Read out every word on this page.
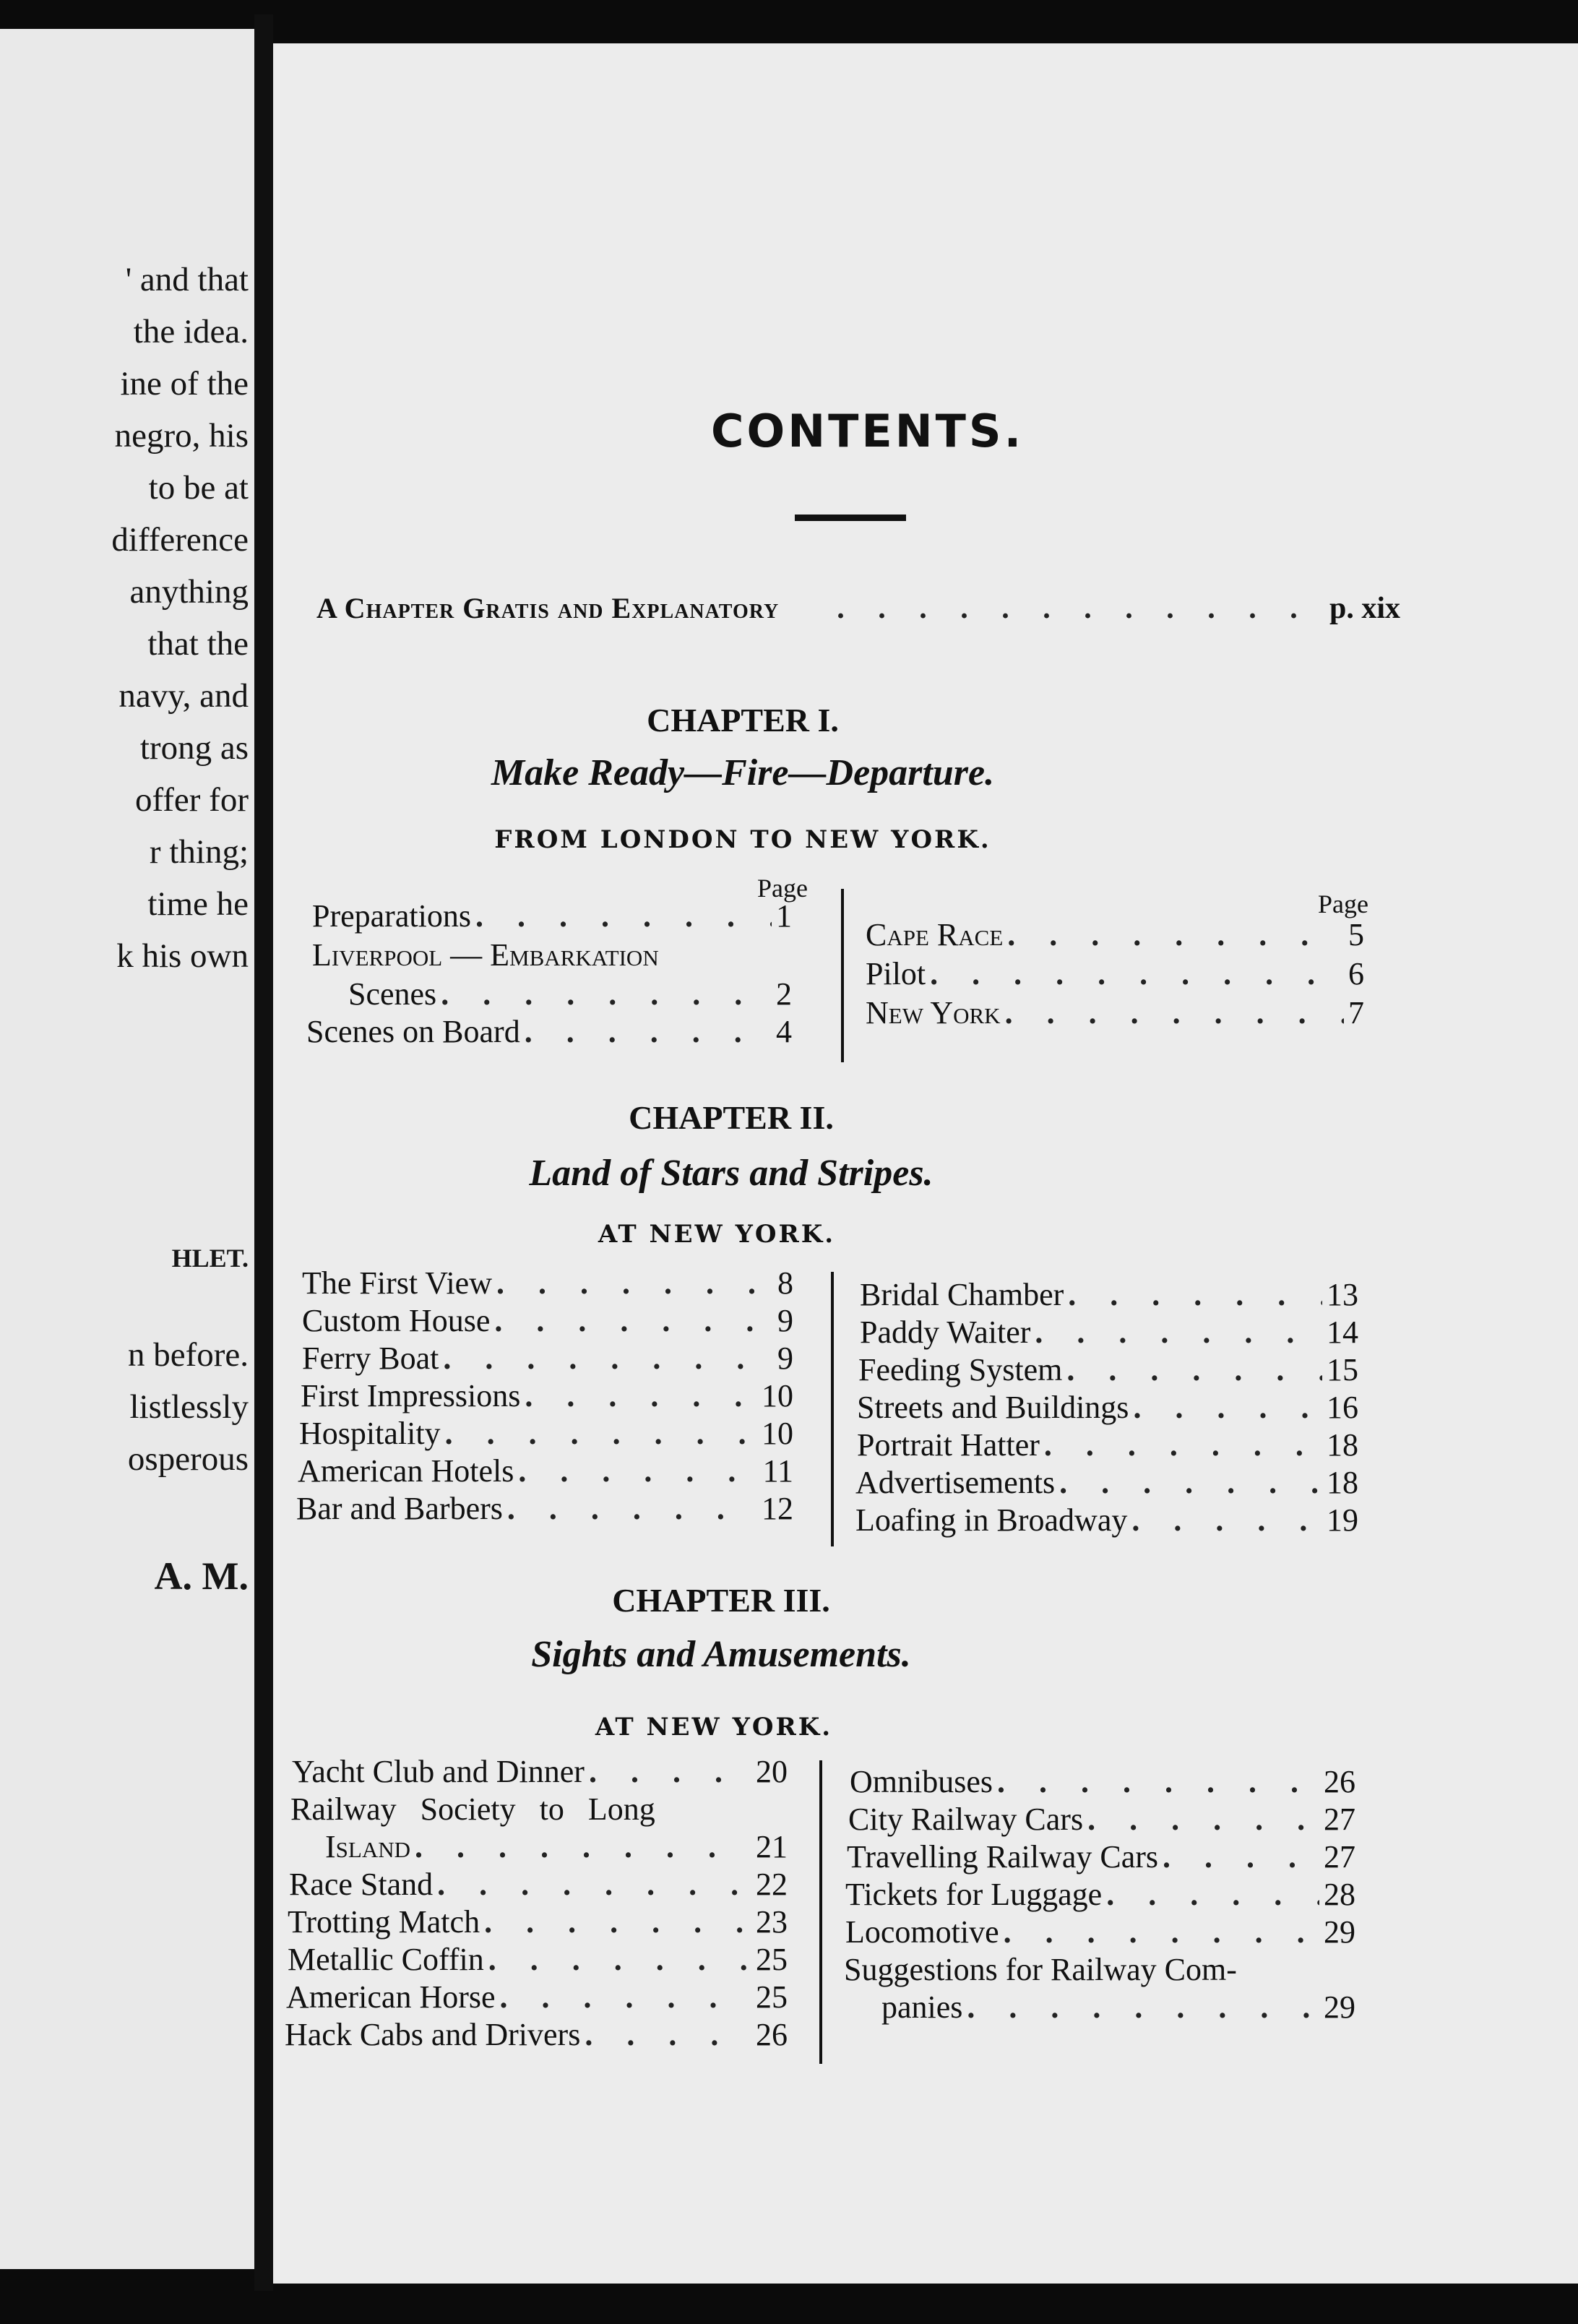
' and that
the idea.
ine of the
negro, his
to be at
difference
anything
that the
navy, and
trong as
offer for
r thing;
time he
k his own
HLET.
n before.
listlessly
osperous
A. M.
CONTENTS.
A Chapter Gratis and Explanatory . . .	p. xix
CHAPTER I.
Make Ready—Fire—Departure.
FROM LONDON TO NEW YORK.
Page
Page
Preparations . . .	1
Liverpool — Embarkation
Scenes . . .	2
Scenes on Board . . .	4
Cape Race . . .	5
Pilot . . .	6
New York . . .	7
CHAPTER II.
Land of Stars and Stripes.
AT NEW YORK.
The First View . . .	8
Custom House . . .	9
Ferry Boat . . .	9
First Impressions . . .	10
Hospitality . . .	10
American Hotels . . .	11
Bar and Barbers . . .	12
Bridal Chamber . . .	13
Paddy Waiter . . .	14
Feeding System . . .	15
Streets and Buildings . . .	16
Portrait Hatter . . .	18
Advertisements . . .	18
Loafing in Broadway . . .	19
CHAPTER III.
Sights and Amusements.
AT NEW YORK.
Yacht Club and Dinner . . .	20
Railway Society to Long
Island . . .	21
Race Stand . . .	22
Trotting Match . . .	23
Metallic Coffin . . .	25
American Horse . . .	25
Hack Cabs and Drivers . . .	26
Omnibuses . . .	26
City Railway Cars . . .	27
Travelling Railway Cars . . .	27
Tickets for Luggage . . .	28
Locomotive . . .	29
Suggestions for Railway Com-
panies . . .	29
